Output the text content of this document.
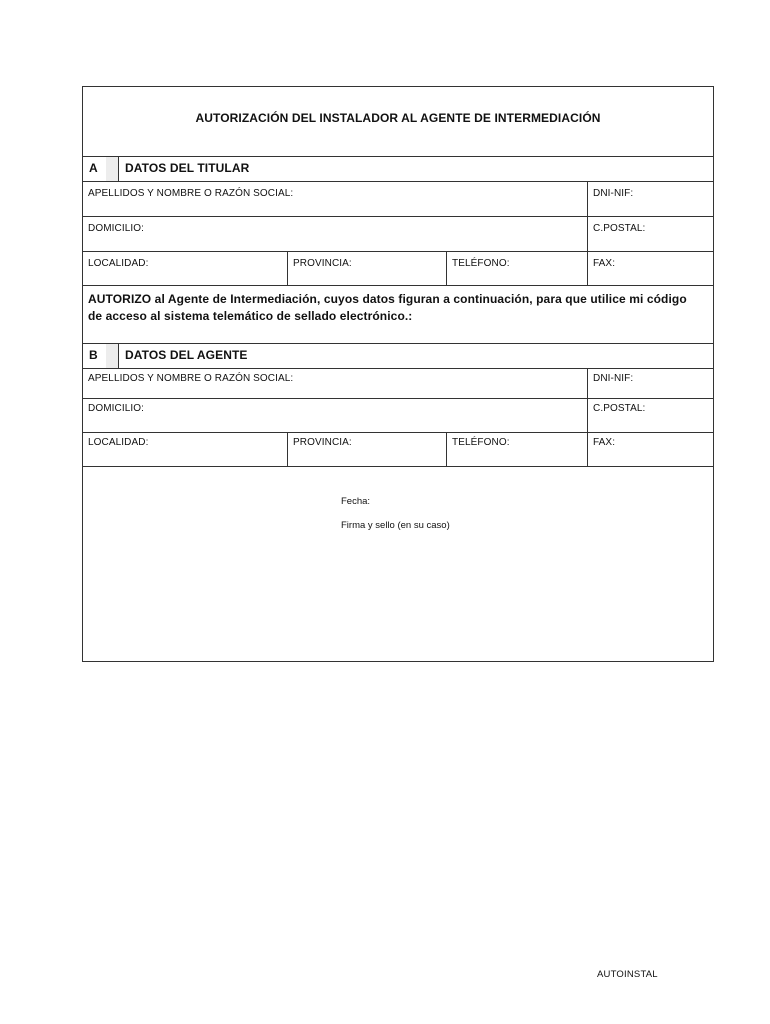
AUTORIZACIÓN DEL INSTALADOR AL AGENTE DE INTERMEDIACIÓN
A	DATOS DEL TITULAR
APELLIDOS Y NOMBRE O RAZÓN SOCIAL:	DNI-NIF:
DOMICILIO:	C.POSTAL:
LOCALIDAD:	PROVINCIA:	TELÉFONO:	FAX:
AUTORIZO al Agente de Intermediación, cuyos datos figuran a continuación, para que utilice mi código de acceso al sistema telemático de sellado electrónico.:
B	DATOS DEL AGENTE
APELLIDOS Y NOMBRE O RAZÓN SOCIAL:	DNI-NIF:
DOMICILIO:	C.POSTAL:
LOCALIDAD:	PROVINCIA:	TELÉFONO:	FAX:
Fecha:
Firma y sello (en su caso)
AUTOINSTAL
